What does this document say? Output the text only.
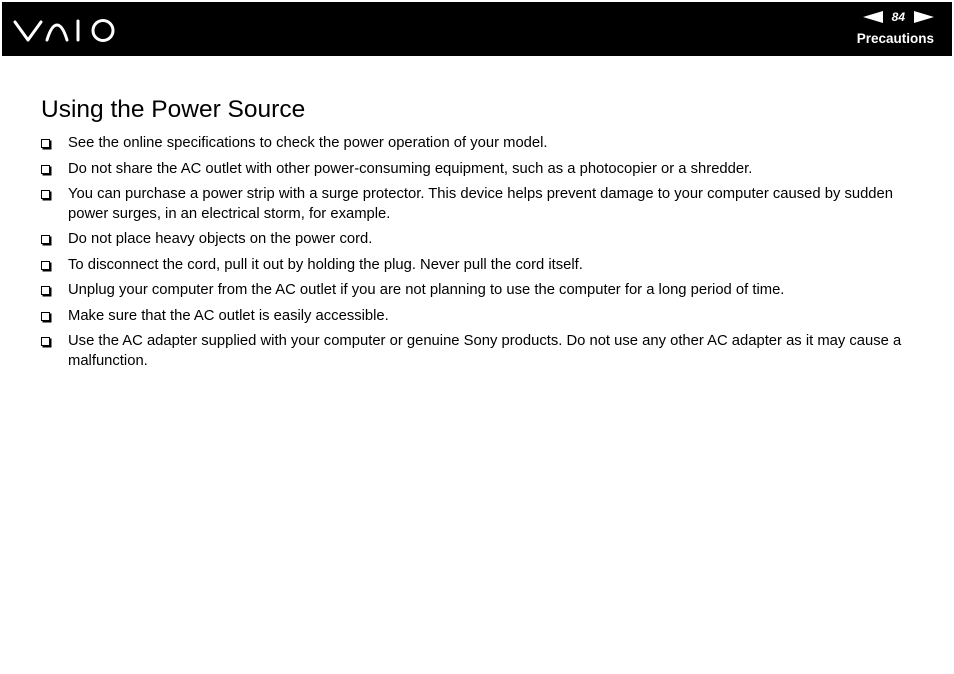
84
Precautions
Using the Power Source
See the online specifications to check the power operation of your model.
Do not share the AC outlet with other power-consuming equipment, such as a photocopier or a shredder.
You can purchase a power strip with a surge protector. This device helps prevent damage to your computer caused by sudden power surges, in an electrical storm, for example.
Do not place heavy objects on the power cord.
To disconnect the cord, pull it out by holding the plug. Never pull the cord itself.
Unplug your computer from the AC outlet if you are not planning to use the computer for a long period of time.
Make sure that the AC outlet is easily accessible.
Use the AC adapter supplied with your computer or genuine Sony products. Do not use any other AC adapter as it may cause a malfunction.
